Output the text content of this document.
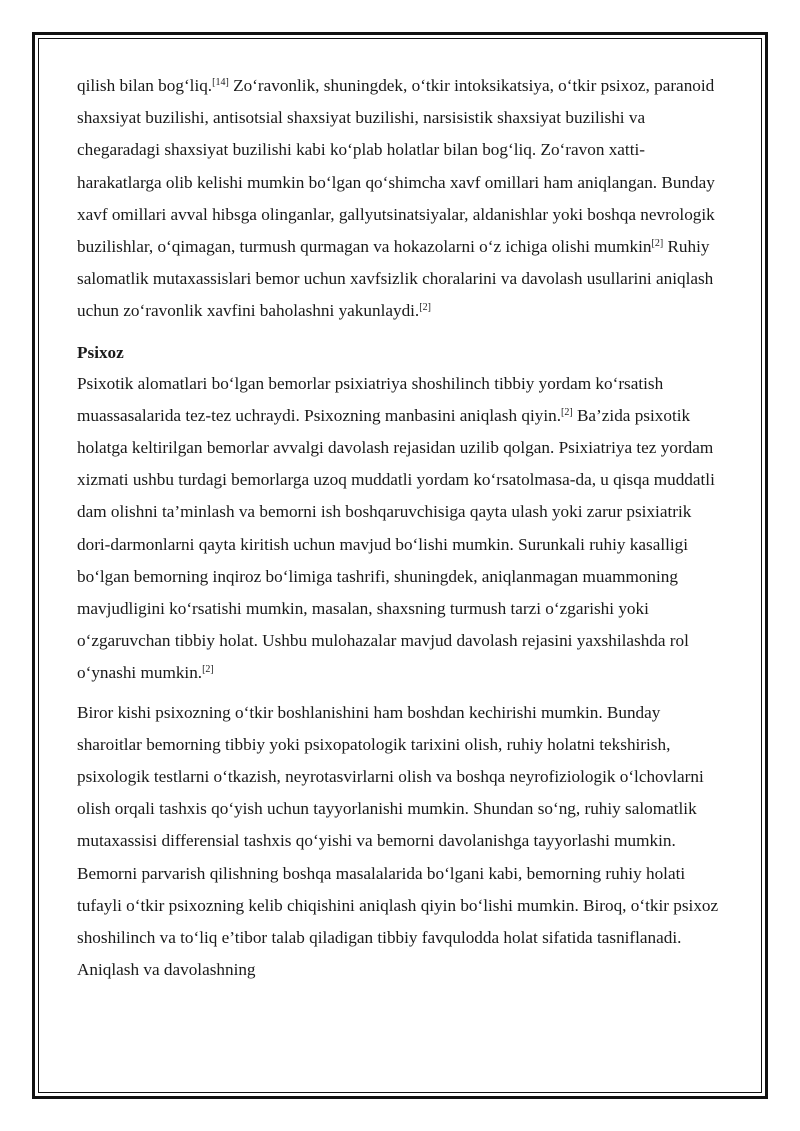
qilish bilan bog‘liq.[14] Zo‘ravonlik, shuningdek, o‘tkir intoksikatsiya, o‘tkir psixoz, paranoid shaxsiyat buzilishi, antisotsial shaxsiyat buzilishi, narsisistik shaxsiyat buzilishi va chegaradagi shaxsiyat buzilishi kabi ko‘plab holatlar bilan bog‘liq. Zo‘ravon xatti-harakatlarga olib kelishi mumkin bo‘lgan qo‘shimcha xavf omillari ham aniqlangan. Bunday xavf omillari avval hibsga olinganlar, gallyutsinatsiyalar, aldanishlar yoki boshqa nevrologik buzilishlar, o‘qimagan, turmush qurmagan va hokazolarni o‘z ichiga olishi mumkin[2] Ruhiy salomatlik mutaxassislari bemor uchun xavfsizlik choralarini va davolash usullarini aniqlash uchun zo‘ravonlik xavfini baholashni yakunlaydi.[2]

Psixoz

Psixotik alomatlari bo‘lgan bemorlar psixiatriya shoshilinch tibbiy yordam ko‘rsatish muassasalarida tez-tez uchraydi. Psixozning manbasini aniqlash qiyin.[2] Ba’zida psixotik holatga keltirilgan bemorlar avvalgi davolash rejasidan uzilib qolgan. Psixiatriya tez yordam xizmati ushbu turdagi bemorlarga uzoq muddatli yordam ko‘rsatolmasa-da, u qisqa muddatli dam olishni ta’minlash va bemorni ish boshqaruvchisiga qayta ulash yoki zarur psixiatrik dori-darmonlarni qayta kiritish uchun mavjud bo‘lishi mumkin. Surunkali ruhiy kasalligi bo‘lgan bemorning inqiroz bo‘limiga tashrifi, shuningdek, aniqlanmagan muammoning mavjudligini ko‘rsatishi mumkin, masalan, shaxsning turmush tarzi o‘zgarishi yoki o‘zgaruvchan tibbiy holat. Ushbu mulohazalar mavjud davolash rejasini yaxshilashda rol o‘ynashi mumkin.[2]

Biror kishi psixozning o‘tkir boshlanishini ham boshdan kechirishi mumkin. Bunday sharoitlar bemorning tibbiy yoki psixopatologik tarixini olish, ruhiy holatni tekshirish, psixologik testlarni o‘tkazish, neyrotasvirlarni olish va boshqa neyrofiziologik o‘lchovlarni olish orqali tashxis qo‘yish uchun tayyorlanishi mumkin. Shundan so‘ng, ruhiy salomatlik mutaxassisi differensial tashxis qo‘yishi va bemorni davolanishga tayyorlashi mumkin. Bemorni parvarish qilishning boshqa masalalarida bo‘lgani kabi, bemorning ruhiy holati tufayli o‘tkir psixozning kelib chiqishini aniqlash qiyin bo‘lishi mumkin. Biroq, o‘tkir psixoz shoshilinch va to‘liq e’tibor talab qiladigan tibbiy favqulodda holat sifatida tasniflanadi. Aniqlash va davolashning
